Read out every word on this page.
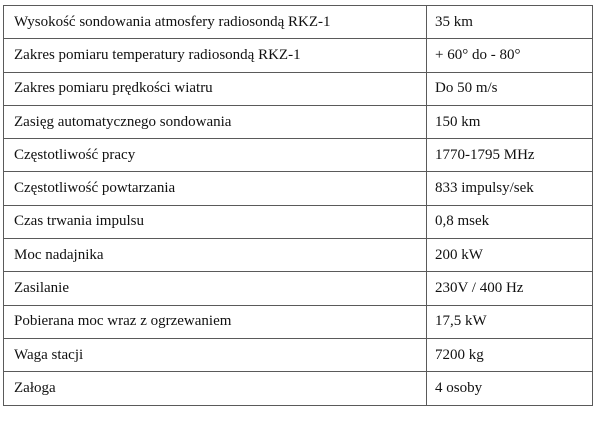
Wysokość sondowania atmosfery radiosondą RKZ-1	35 km
Zakres pomiaru temperatury radiosondą RKZ-1	+ 60° do - 80°
Zakres pomiaru prędkości wiatru	Do 50 m/s
Zasięg automatycznego sondowania	150 km
Częstotliwość pracy	1770-1795 MHz
Częstotliwość powtarzania	833 impulsy/sek
Czas trwania impulsu	0,8 msek
Moc nadajnika	200 kW
Zasilanie	230V / 400 Hz
Pobierana moc wraz z ogrzewaniem	17,5 kW
Waga stacji	7200 kg
Załoga	4 osoby
